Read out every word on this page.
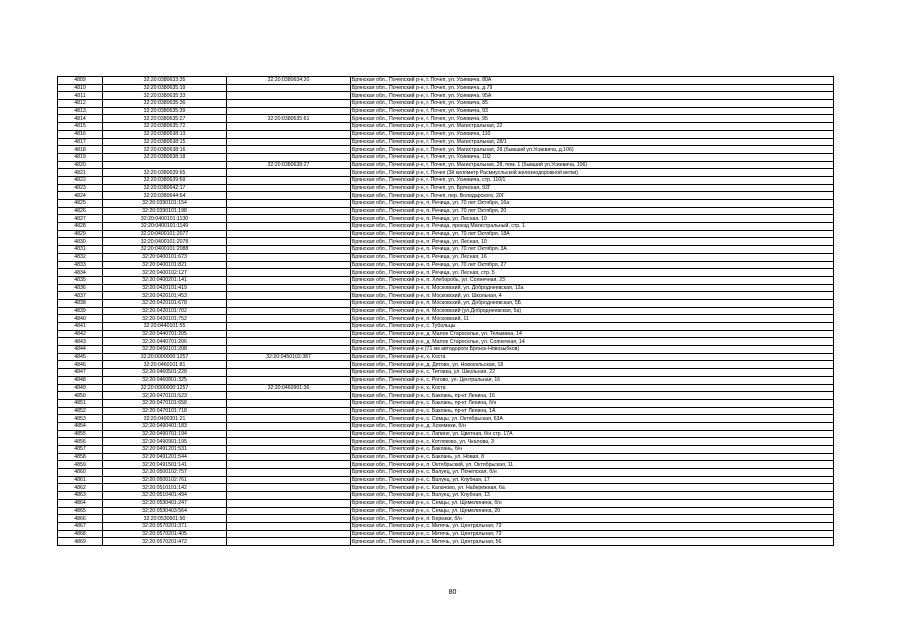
4809	32:20:0380633:35	32:20:0380634:20	Брянская обл., Почепский р-н, г. Почеп, ул. Усиевича, 80А
4810	32:20:0380635:19		Брянская обл., Почепский р-н, г. Почеп, ул. Усиевича, д.79
4811	32:20:0380635:33		Брянская обл., Почепский р-н, г. Почеп, ул. Усиевича, 95А
4812	32:20:0380635:36		Брянская обл., Почепский р-н, г. Почеп, ул. Усиевича, 85
4813	32:20:0380635:39		Брянская обл., Почепский р-н, г. Почеп, ул. Усиевича, 93
4814	32:20:0380635:27	32:20:0380635:61	Брянская обл., Почепский р-н, г. Почеп, ул. Усиевича, 95
4815	32:20:0380635:72		Брянская обл., Почепский р-н, г. Почеп, ул. Магистральная, 22
4816	32:20:0380638:13		Брянская обл., Почепский р-н, г. Почеп, ул. Усиевича, 110
4817	32:20:0380638:15		Брянская обл., Почепский р-н, г. Почеп, ул. Магистральная, 28/1
4818	32:20:0380638:16		Брянская обл., Почепский р-н, г. Почеп, ул. Магистральная, 28 (бывший ул.Усиевича, д.106)
4819	32:20:0380638:18		Брянская обл., Почепский р-н, г. Почеп, ул. Усиевича, 102
4820		32:20:0380638:27	Брянская обл., Почепский р-н, г. Почеп, ул. Магистральная, 28, пом. 1 (бывший ул.Усиевича, 106)
4821	32:20:0380639:65		Брянская обл., Почепский р-н, г. Почеп (3й километр Расмиусльской железнодорожной ветки)
4822	32:20:0380639:69		Брянская обл., Почепский р-н, г. Почеп, ул. Усиевича, стр. 110/1
4823	32:20:0380642:17		Брянская обл., Почепский р-н, г. Почеп, ул. Брянская, 92Г
4824	32:20:0380644:64		Брянская обл., Почепский р-н, г. Почеп, пер. Володарского, 20Г
4825	32:20:0390101:154		Брянская обл., Почепский р-н, п. Речица, ул. 70 лет Октября, 16а
4826	32:20:0390101:198		Брянская обл., Почепский р-н, п. Речица, ул. 70 лет Октября, 20
4827	32:20:0400101:1130		Брянская обл., Почепский р-н, п. Речица, ул. Лесная, 10
4828	32:20:0400101:1149		Брянская обл., Почепский р-н, п. Речица, проезд Магистральный, стр. 1
4829	32:20:0400101:2077		Брянская обл., Почепский р-н, п. Речица, ул. 70 лет Октября, 18А
4830	32:20:0400101:2078		Брянская обл., Почепский р-н, п. Речица, ул. Лесная, 10
4831	32:20:0400101:2088		Брянская обл., Почепский р-н, п. Речица, ул. 70 лет Октября, 3А
4832	32:20:0400101:673		Брянская обл., Почепский р-н, п. Речица, ул. Лесная, 16
4833	32:20:0400101:821		Брянская обл., Почепский р-н, п. Речица, ул. 70 лет Октября, 27
4834	32:20:0400102:127		Брянская обл., Почепский р-н, п. Речица, ул. Лесная, стр. 5
4835	32:20:0400201:141		Брянская обл., Почепский р-н, п. Хлеборобь, ул. Солнечная, 23
4836	32:20:0420101:419		Брянская обл., Почепский р-н, п. Московский, ул. Доброднеевская, 12а
4837	32:20:0420101:453		Брянская обл., Почепский р-н, п. Московский, ул. Школьная, 4
4838	32:20:0420101:678		Брянская обл., Почепский р-н, п. Московский, ул. Доброднеевская, 5Б
4839	32:20:0420101:702		Брянская обл., Почепский р-н, п. Московский (ул.Доброднеевская, 5а)
4840	32:20:0420101:752		Брянская обл., Почепский р-н, п. Московский, 11
4841	32:20:0440101:55		Брянская обл., Почепский р-н, с. Тубольцы
4842	32:20:0440701:205		Брянская обл., Почепский р-н, д. Малое Староселье, ул. Тельмана, 14
4843	32:20:0440701:206		Брянская обл., Почепский р-н, д. Малое Староселье, ул. Солнечная, 14
4844	32:20:0450101:208		Брянская обл., Почепский р-н (71 км автодороги Брянск-Новозыбков)
4845	32:20:0000000:1257	32:20:0450102:387	Брянская обл., Почепский р-н, х. Коста
4846	32:20:0460101:81		Брянская обл., Почепский р-н, д. Дятово, ул. Новосельская, 18
4847	32:20:0460501:228		Брянская обл., Почепский р-н, с. Титовка, ул. Школьная, 22
4848	32:20:0460801:325		Брянская обл., Почепский р-н, с. Рогово, ул. Центральная, 16
4849	32:20:0000000:1257	32:20:0460901:36	Брянская обл., Почепский р-н, х. Коста
4850	32:20:0470101:523		Брянская обл., Почепский р-н, с. Баклань, пр-кт Ленина, 16
4851	32:20:0470101:658		Брянская обл., Почепский р-н, с. Баклань, пр-кт Ленина, б/н
4852	32:20:0470101:718		Брянская обл., Почепский р-н, с. Баклань, пр-кт Ленина, 1А
4853	32:20:0490301:21		Брянская обл., Почепский р-н, с. Семцы, ул. Октябрьская, 63А
4854	32:20:0490401:183		Брянская обл., Почепский р-н, д. Хохемеки, б/н
4855	32:20:0490701:194		Брянская обл., Почепский р-н, с. Лапино, ул. Цветная, б/н стр. 17А
4856	32:20:0490901:195		Брянская обл., Почепский р-н, с. Котляково, ул. Чкалова, 3
4857	32:20:0491201:531		Брянская обл., Почепский р-н, с. Баклань, б/н
4858	32:20:0491201:544		Брянская обл., Почепский р-н, с. Баклань, ул. Новая, 8
4859	32:20:0491501:141		Брянская обл., Почепский р-н, п. Октябрьский, ул. Октябрьская, 11
4860	32:20:0500102:757		Брянская обл., Почепский р-н, с. Валуец, ул. Почепская, б/н
4861	32:20:0500102:761		Брянская обл., Почепский р-н, с. Валуец, ул. Клубная, 17
4862	32:20:0510101:142		Брянская обл., Почепский р-н, с. Калачово, ул. Набережная, 6а
4863	32:20:0510401:494		Брянская обл., Почепский р-н, с. Валуец, ул. Клубная, 13
4864	32:20:0530401:247		Брянская обл., Почепский р-н, с. Семцы, ул. Щемелинина, б/н
4865	32:20:0530403:564		Брянская обл., Почепский р-н, с. Семцы, ул. Щемелинина, 20
4866	32:20:0530601:90		Брянская обл., Почепский р-н, п. Березки, б/н
4867	32:20:0570201:371		Брянская обл., Почепский р-н, с. Митечь, ул. Центральная, 73
4868	32:20:0570201:405		Брянская обл., Почепский р-н, с. Митечь, ул. Центральная, 73
4869	32:20:0570201:472		Брянская обл., Почепский р-н, с. Митечь, ул. Центральная, 56
80
